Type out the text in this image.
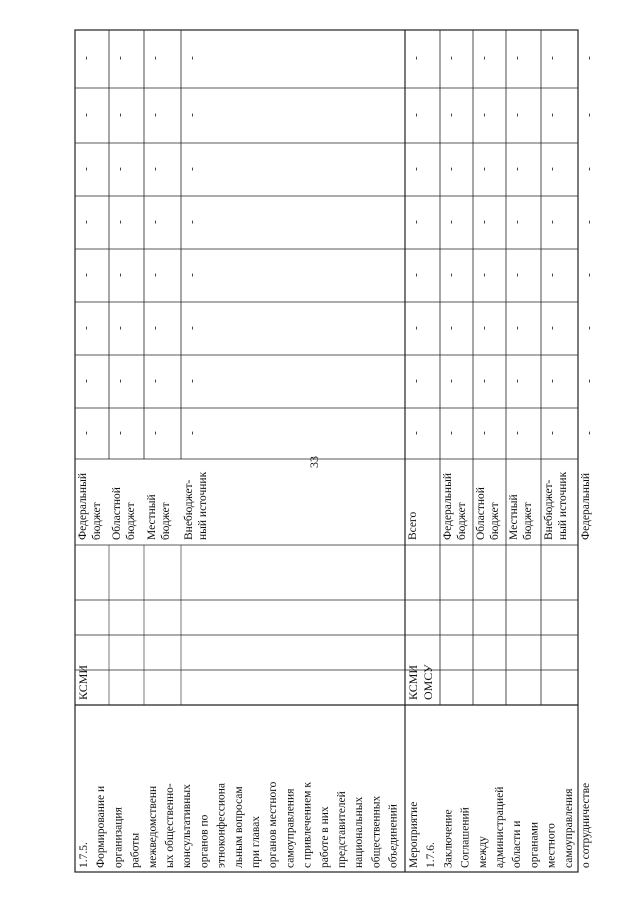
33
1.7.5. Формирование и организация работы межведомственн ых общественно- консультативных органов по этноконфессиона льным вопросам при главах органов местного самоуправления с привлечением к работе в них представителей национальных общественных объединений
КСМИ
Федеральный бюджет
-
-
-
-
-
-
-
-
Областной бюджет
-
-
-
-
-
-
-
-
Местный бюджет
-
-
-
-
-
-
-
-
Внебюджет- ный источник
-
-
-
-
-
-
-
-
Мероприятие 1.7.6. Заключение Соглашений между администрацией области и органами местного самоуправления о сотрудничестве
КСМИ ОМСУ
Всего
-
-
-
-
-
-
-
-
Федеральный бюджет
-
-
-
-
-
-
-
-
Областной бюджет
-
-
-
-
-
-
-
-
Местный бюджет
-
-
-
-
-
-
-
-
Внебюджет- ный источник
-
-
-
-
-
-
-
-
Федеральный
-
-
-
-
-
-
-
-
